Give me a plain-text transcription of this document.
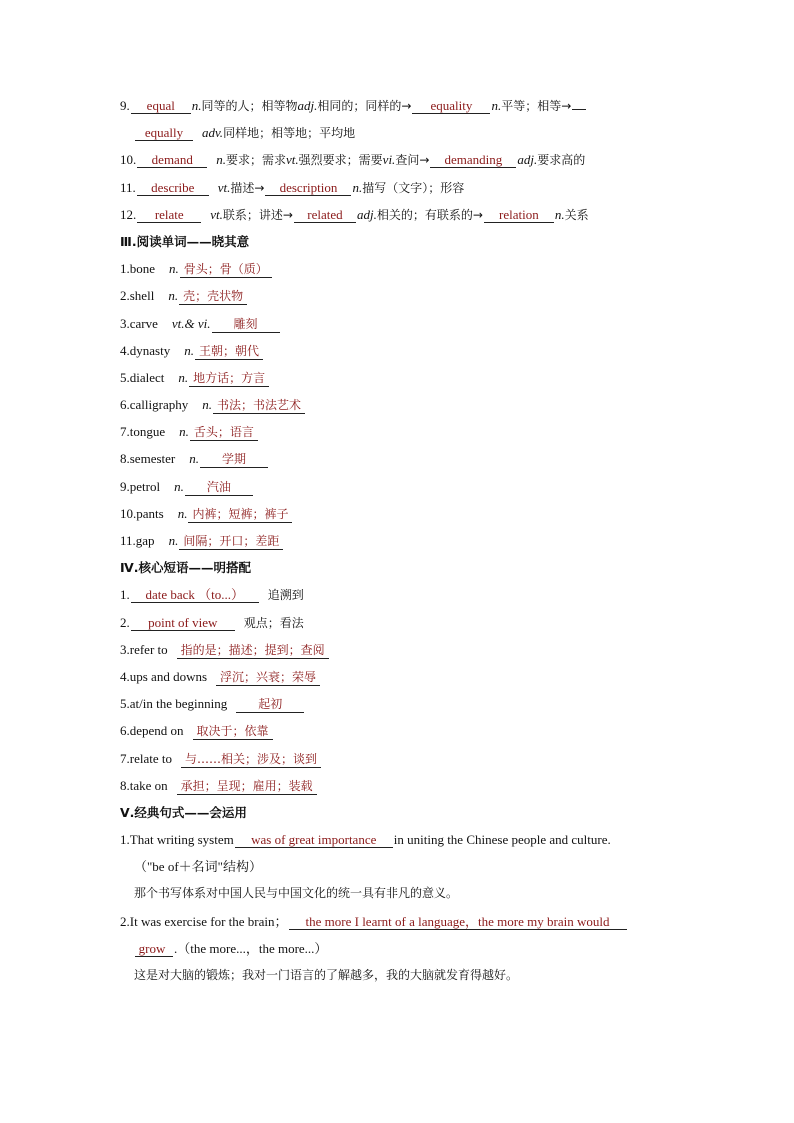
9. equal n.同等的人；相等物adj.相同的；同样的→ equality n.平等；相等→
equally adv.同样地；相等地；平均地
10. demand n.要求；需求vt.强烈要求；需要vi.查问→ demanding adj.要求高的
11. describe vt.描述→ description n.描写（文字）；形容
12. relate vt.联系；讲述→ related adj.相关的；有联系的→ relation n.关系
Ⅲ.阅读单词——晓其意
1.bone n. 骨头；骨（质）
2.shell n. 壳；壳状物
3.carve vt.& vi. 雕刻
4.dynasty n. 王朝；朝代
5.dialect n. 地方话；方言
6.calligraphy n. 书法；书法艺术
7.tongue n. 舌头；语言
8.semester n. 学期
9.petrol n. 汽油
10.pants n. 内裤；短裤；裤子
11.gap n. 间隔；开口；差距
Ⅳ.核心短语——明搭配
1. date back （to...） 追溯到
2. point of view 观点；看法
3.refer to 指的是；描述；提到；查阅
4.ups and downs 浮沉；兴衰；荣辱
5.at/in the beginning	起初
6.depend on 取决于；依靠
7.relate to 与……相关；涉及；谈到
8.take on 承担；呈现；雇用；装载
Ⅴ.经典句式——会运用
1.That writing system was of great importance in uniting the Chinese people and culture.
（"be of＋名词"结构）
那个书写体系对中国人民与中国文化的统一具有非凡的意义。
2.It was exercise for the brain； the more I learnt of a language，the more my brain would
grow .（the more...，the more...）
这是对大脑的锻炼；我对一门语言的了解越多，我的大脑就发育得越好。
